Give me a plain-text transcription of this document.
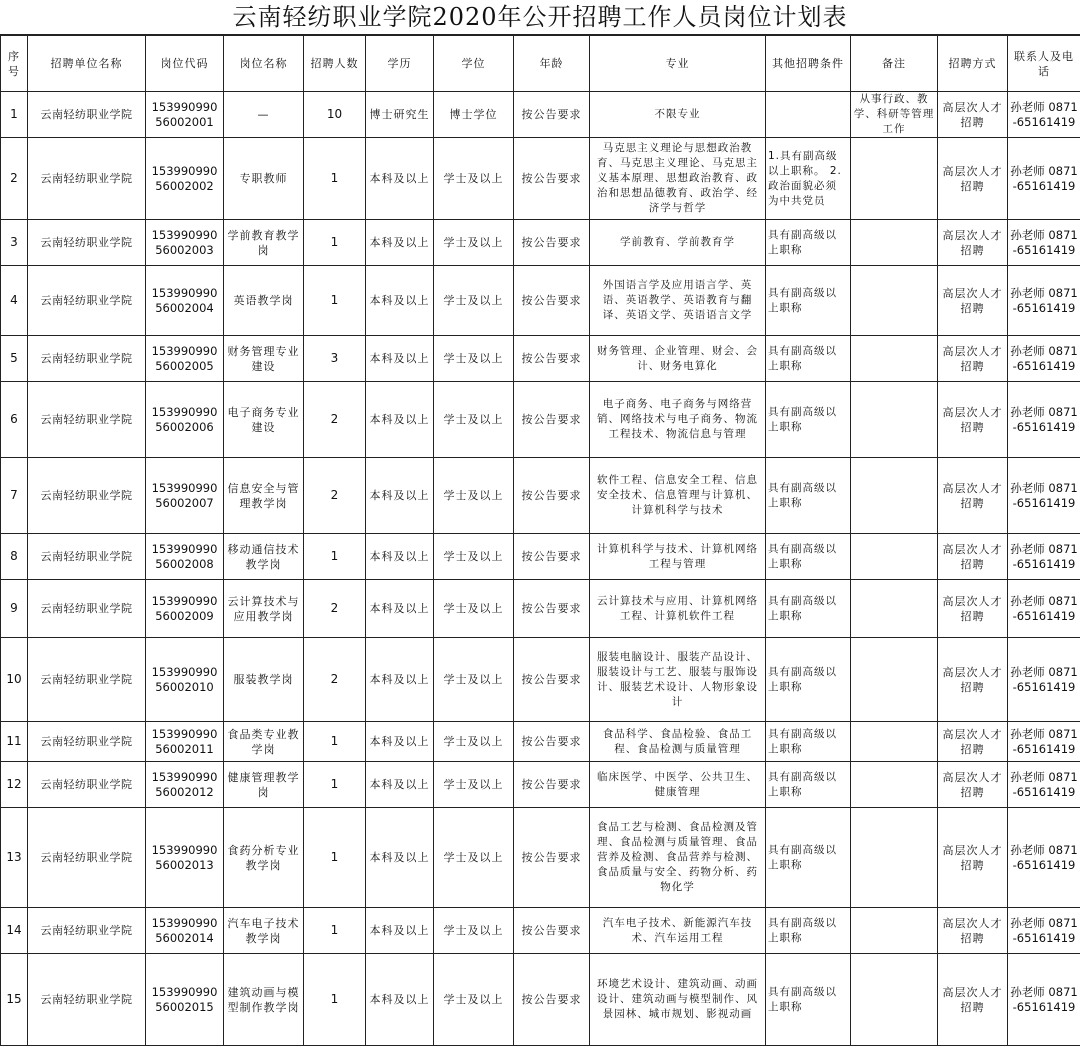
云南轻纺职业学院2020年公开招聘工作人员岗位计划表
序号	招聘单位名称	岗位代码	岗位名称	招聘人数	学历	学位	年龄	专业	其他招聘条件	备注	招聘方式	联系人及电话
1	云南轻纺职业学院	15399099056002001	—	10	博士研究生	博士学位	按公告要求	不限专业		从事行政、教学、科研等管理工作	高层次人才招聘	孙老师 0871-65161419
2	云南轻纺职业学院	15399099056002002	专职教师	1	本科及以上	学士及以上	按公告要求	马克思主义理论与思想政治教育、马克思主义理论、马克思主义基本原理、思想政治教育、政治和思想品德教育、政治学、经济学与哲学	1.具有副高级以上职称。 2.政治面貌必须为中共党员		高层次人才招聘	孙老师 0871-65161419
3	云南轻纺职业学院	15399099056002003	学前教育教学岗	1	本科及以上	学士及以上	按公告要求	学前教育、学前教育学	具有副高级以上职称		高层次人才招聘	孙老师 0871-65161419
4	云南轻纺职业学院	15399099056002004	英语教学岗	1	本科及以上	学士及以上	按公告要求	外国语言学及应用语言学、英语、英语教学、英语教育与翻译、英语文学、英语语言文学	具有副高级以上职称		高层次人才招聘	孙老师 0871-65161419
5	云南轻纺职业学院	15399099056002005	财务管理专业建设	3	本科及以上	学士及以上	按公告要求	财务管理、企业管理、财会、会计、财务电算化	具有副高级以上职称		高层次人才招聘	孙老师 0871-65161419
6	云南轻纺职业学院	15399099056002006	电子商务专业建设	2	本科及以上	学士及以上	按公告要求	电子商务、电子商务与网络营销、网络技术与电子商务、物流工程技术、物流信息与管理	具有副高级以上职称		高层次人才招聘	孙老师 0871-65161419
7	云南轻纺职业学院	15399099056002007	信息安全与管理教学岗	2	本科及以上	学士及以上	按公告要求	软件工程、信息安全工程、信息安全技术、信息管理与计算机、计算机科学与技术	具有副高级以上职称		高层次人才招聘	孙老师 0871-65161419
8	云南轻纺职业学院	15399099056002008	移动通信技术教学岗	1	本科及以上	学士及以上	按公告要求	计算机科学与技术、计算机网络工程与管理	具有副高级以上职称		高层次人才招聘	孙老师 0871-65161419
9	云南轻纺职业学院	15399099056002009	云计算技术与应用教学岗	2	本科及以上	学士及以上	按公告要求	云计算技术与应用、计算机网络工程、计算机软件工程	具有副高级以上职称		高层次人才招聘	孙老师 0871-65161419
10	云南轻纺职业学院	15399099056002010	服装教学岗	2	本科及以上	学士及以上	按公告要求	服装电脑设计、服装产品设计、服装设计与工艺、服装与服饰设计、服装艺术设计、人物形象设计	具有副高级以上职称		高层次人才招聘	孙老师 0871-65161419
11	云南轻纺职业学院	15399099056002011	食品类专业教学岗	1	本科及以上	学士及以上	按公告要求	食品科学、食品检验、食品工程、食品检测与质量管理	具有副高级以上职称		高层次人才招聘	孙老师 0871-65161419
12	云南轻纺职业学院	15399099056002012	健康管理教学岗	1	本科及以上	学士及以上	按公告要求	临床医学、中医学、公共卫生、健康管理	具有副高级以上职称		高层次人才招聘	孙老师 0871-65161419
13	云南轻纺职业学院	15399099056002013	食药分析专业教学岗	1	本科及以上	学士及以上	按公告要求	食品工艺与检测、食品检测及管理、食品检测与质量管理、食品营养及检测、食品营养与检测、食品质量与安全、药物分析、药物化学	具有副高级以上职称		高层次人才招聘	孙老师 0871-65161419
14	云南轻纺职业学院	15399099056002014	汽车电子技术教学岗	1	本科及以上	学士及以上	按公告要求	汽车电子技术、新能源汽车技术、汽车运用工程	具有副高级以上职称		高层次人才招聘	孙老师 0871-65161419
15	云南轻纺职业学院	15399099056002015	建筑动画与模型制作教学岗	1	本科及以上	学士及以上	按公告要求	环境艺术设计、建筑动画、动画设计、建筑动画与模型制作、风景园林、城市规划、影视动画	具有副高级以上职称		高层次人才招聘	孙老师 0871-65161419
